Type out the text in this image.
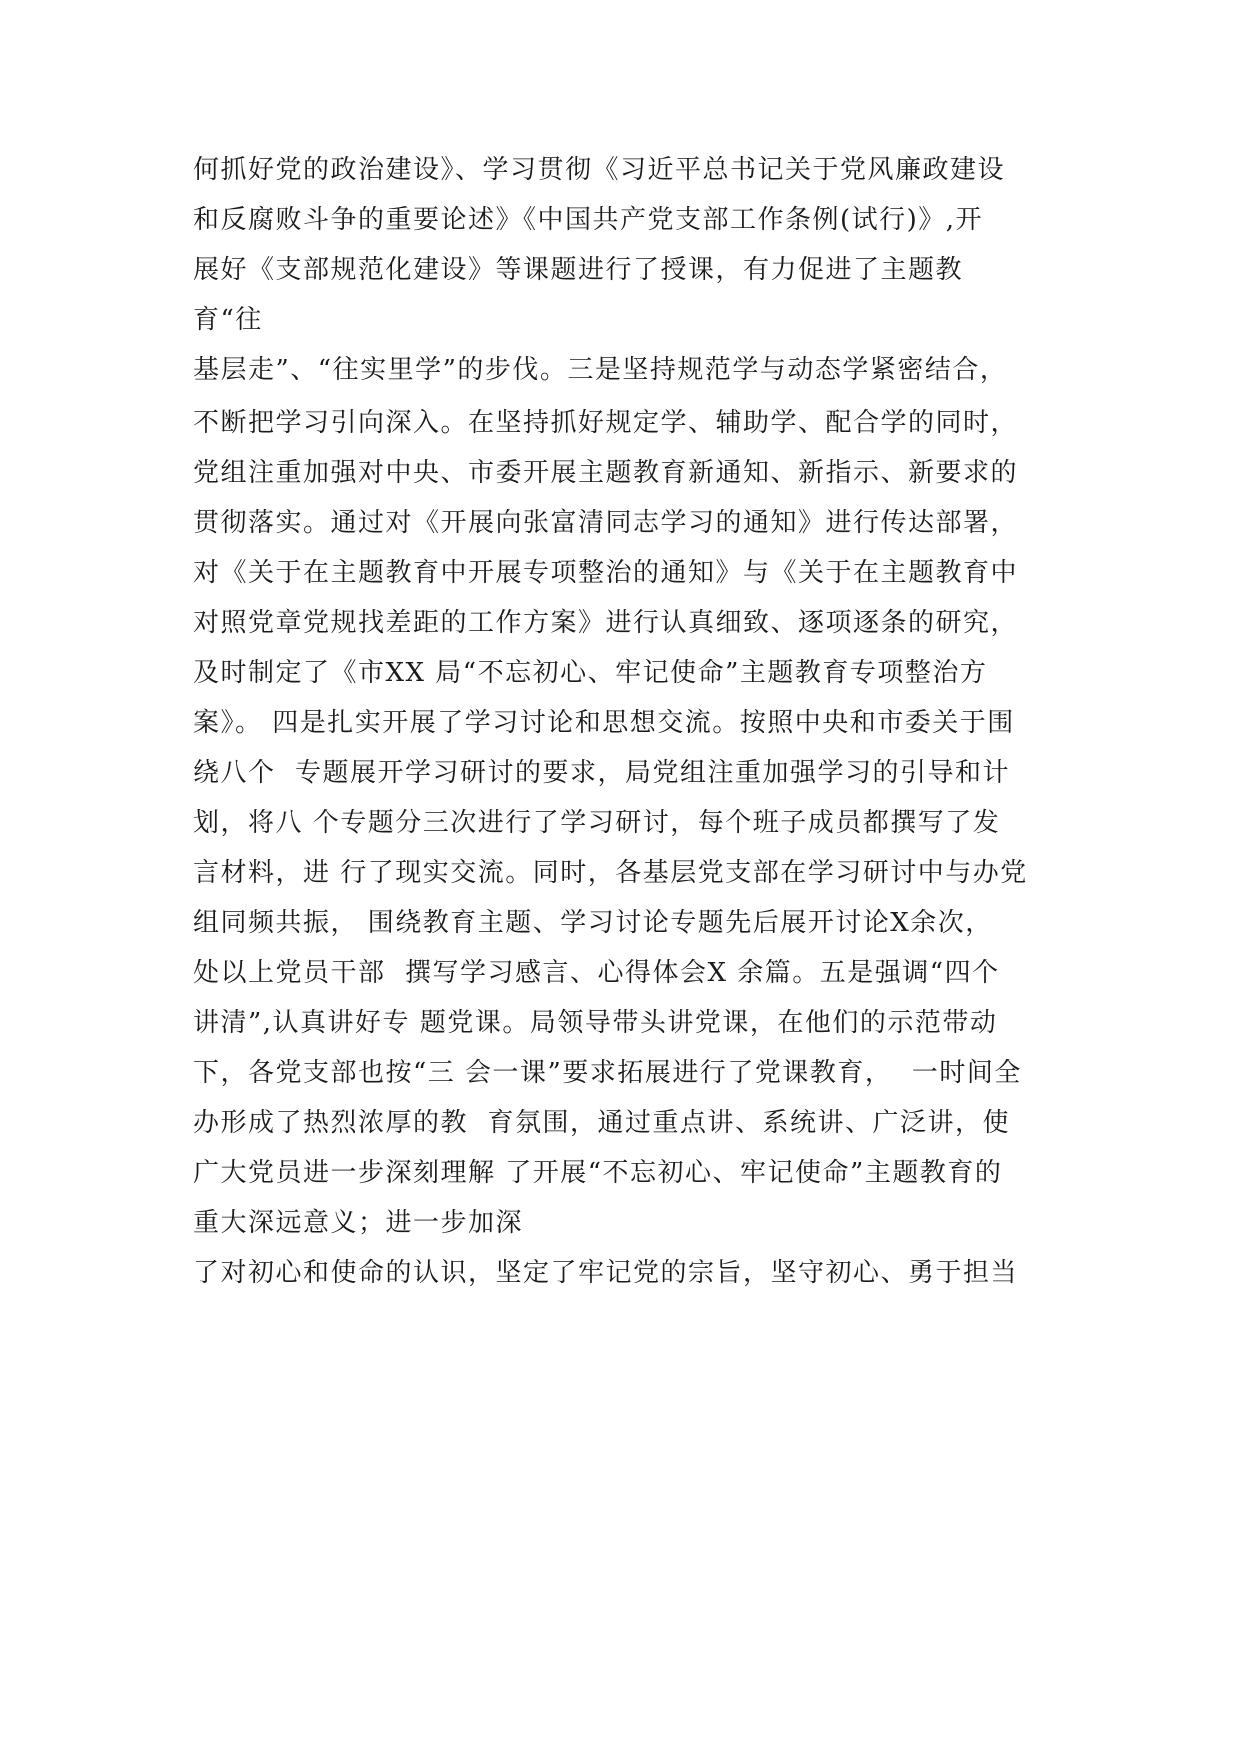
何抓好党的政治建设》、学习贯彻《习近平总书记关于党风廉政建设
和反腐败斗争的重要论述》《中国共产党支部工作条例(试行)》,开
展好《支部规范化建设》等课题进行了授课，有力促进了主题教
育“往
基层走”、“往实里学”的步伐。三是坚持规范学与动态学紧密结合，
不断把学习引向深入。在坚持抓好规定学、辅助学、配合学的同时，
党组注重加强对中央、市委开展主题教育新通知、新指示、新要求的
贯彻落实。通过对《开展向张富清同志学习的通知》进行传达部署，
对《关于在主题教育中开展专项整治的通知》与《关于在主题教育中
对照党章党规找差距的工作方案》进行认真细致、逐项逐条的研究，
及时制定了《市XX 局“不忘初心、牢记使命”主题教育专项整治方
案》。 四是扎实开展了学习讨论和思想交流。按照中央和市委关于围
绕八个  专题展开学习研讨的要求，局党组注重加强学习的引导和计
划，将八 个专题分三次进行了学习研讨，每个班子成员都撰写了发
言材料，进 行了现实交流。同时，各基层党支部在学习研讨中与办党
组同频共振， 围绕教育主题、学习讨论专题先后展开讨论X余次，
处以上党员干部  撰写学习感言、心得体会X 余篇。五是强调“四个
讲清”,认真讲好专 题党课。局领导带头讲党课，在他们的示范带动
下，各党支部也按“三 会一课”要求拓展进行了党课教育，  一时间全
办形成了热烈浓厚的教  育氛围，通过重点讲、系统讲、广泛讲，使
广大党员进一步深刻理解 了开展“不忘初心、牢记使命”主题教育的
重大深远意义；进一步加深
了对初心和使命的认识，坚定了牢记党的宗旨，坚守初心、勇于担当
